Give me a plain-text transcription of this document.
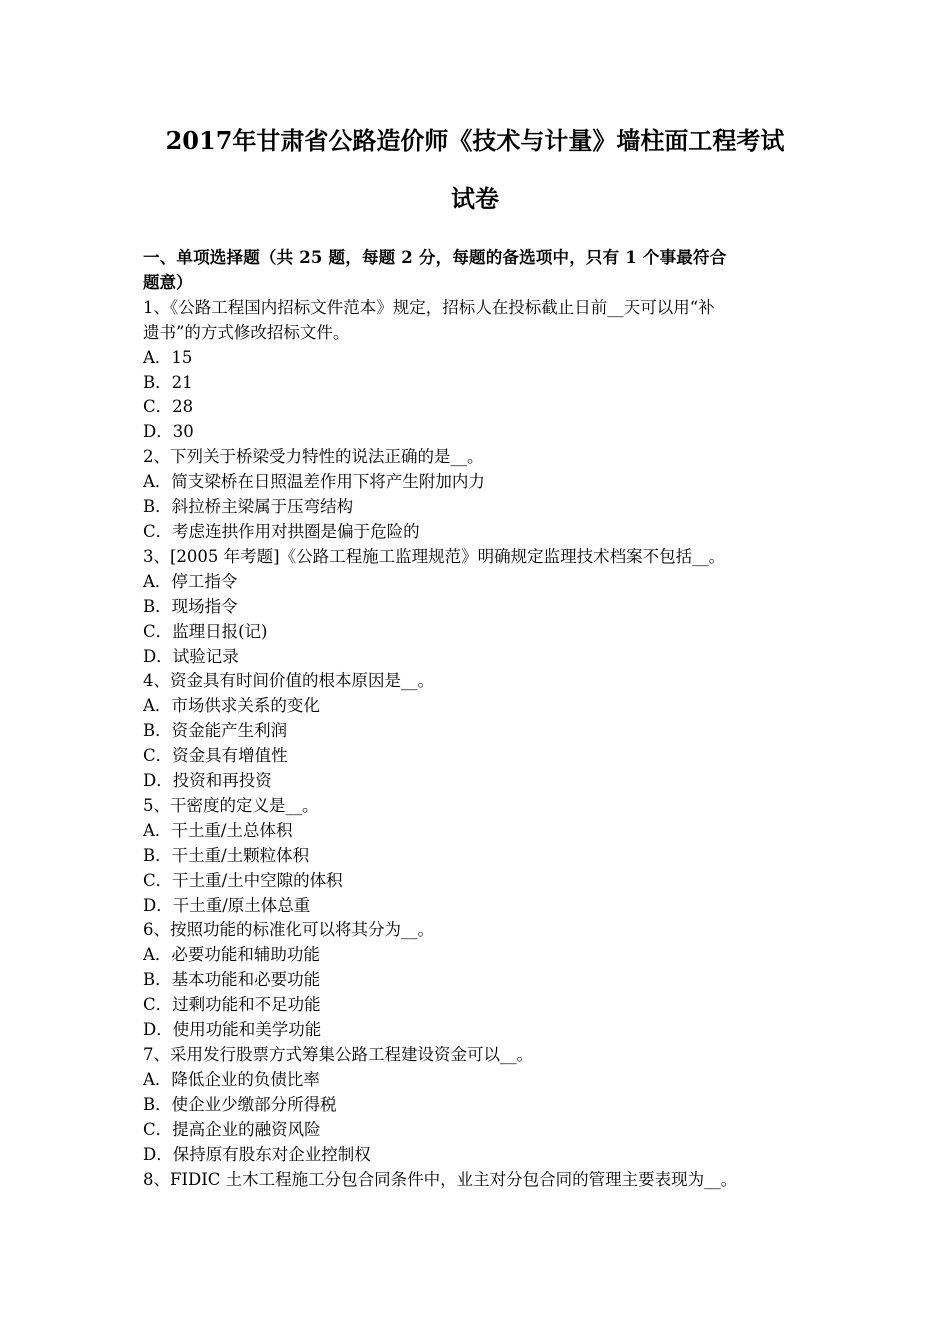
2017年甘肃省公路造价师《技术与计量》墙柱面工程考试
试卷
一、单项选择题（共 25 题，每题 2 分，每题的备选项中，只有 1 个事最符合
题意）
1、《公路工程国内招标文件范本》规定，招标人在投标截止日前__天可以用“补
遗书”的方式修改招标文件。
A．15
B．21
C．28
D．30
2、下列关于桥梁受力特性的说法正确的是__。
A．简支梁桥在日照温差作用下将产生附加内力
B．斜拉桥主梁属于压弯结构
C．考虑连拱作用对拱圈是偏于危险的
3、[2005 年考题]《公路工程施工监理规范》明确规定监理技术档案不包括__。
A．停工指令
B．现场指令
C．监理日报(记)
D．试验记录
4、资金具有时间价值的根本原因是__。
A．市场供求关系的变化
B．资金能产生利润
C．资金具有增值性
D．投资和再投资
5、干密度的定义是__。
A．干土重/土总体积
B．干土重/土颗粒体积
C．干土重/土中空隙的体积
D．干土重/原土体总重
6、按照功能的标准化可以将其分为__。
A．必要功能和辅助功能
B．基本功能和必要功能
C．过剩功能和不足功能
D．使用功能和美学功能
7、采用发行股票方式筹集公路工程建设资金可以__。
A．降低企业的负债比率
B．使企业少缴部分所得税
C．提高企业的融资风险
D．保持原有股东对企业控制权
8、FIDIC 土木工程施工分包合同条件中，业主对分包合同的管理主要表现为__。
